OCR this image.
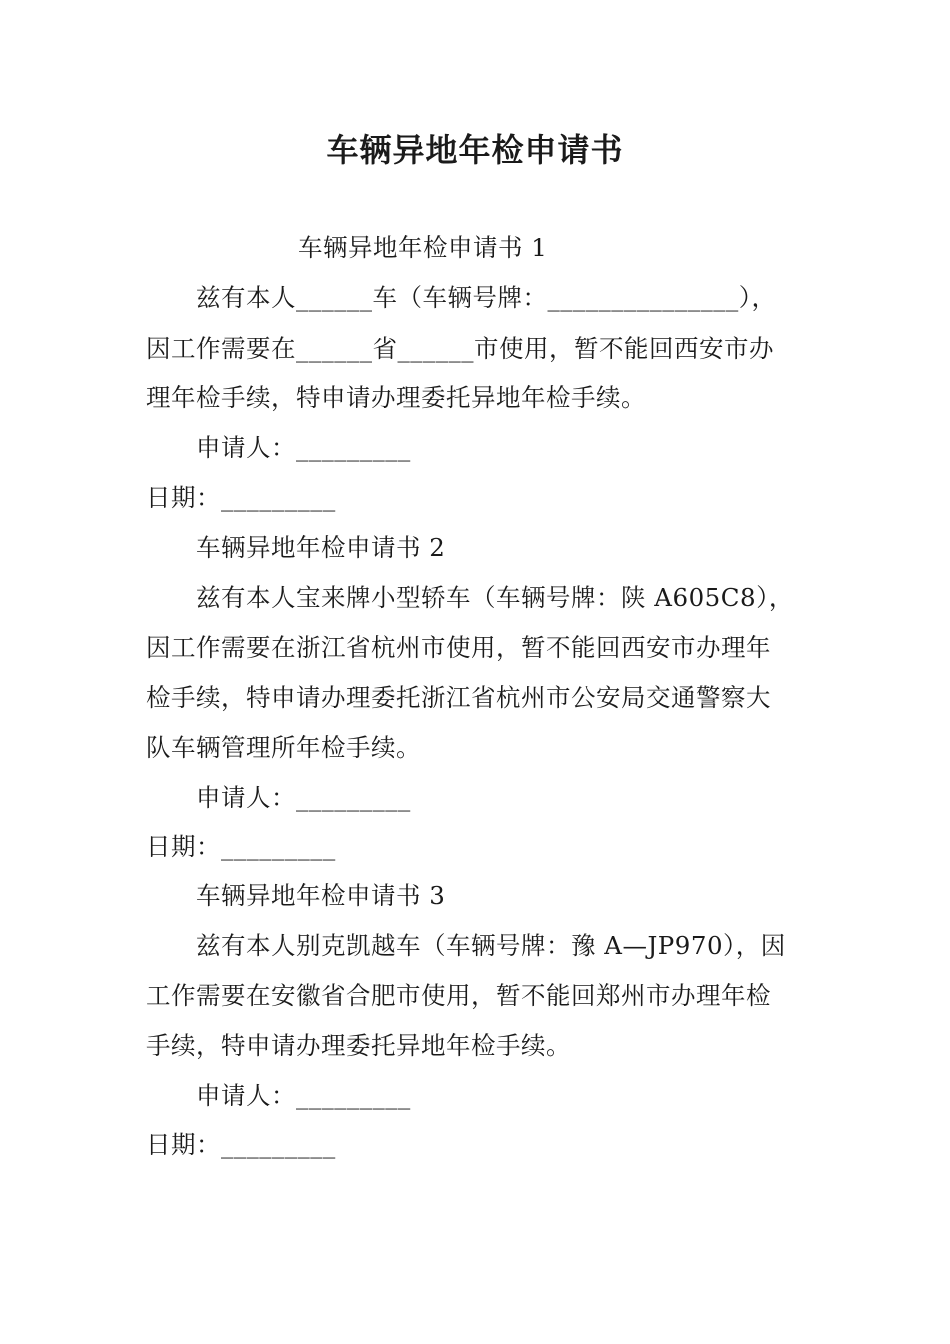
车辆异地年检申请书
车辆异地年检申请书 1
兹有本人______车（车辆号牌：_______________），
因工作需要在______省______市使用，暂不能回西安市办
理年检手续，特申请办理委托异地年检手续。
申请人：_________
日期：_________
车辆异地年检申请书 2
兹有本人宝来牌小型轿车（车辆号牌：陕 A605C8），
因工作需要在浙江省杭州市使用，暂不能回西安市办理年
检手续，特申请办理委托浙江省杭州市公安局交通警察大
队车辆管理所年检手续。
申请人：_________
日期：_________
车辆异地年检申请书 3
兹有本人别克凯越车（车辆号牌：豫 A—JP970），因
工作需要在安徽省合肥市使用，暂不能回郑州市办理年检
手续，特申请办理委托异地年检手续。
申请人：_________
日期：_________
